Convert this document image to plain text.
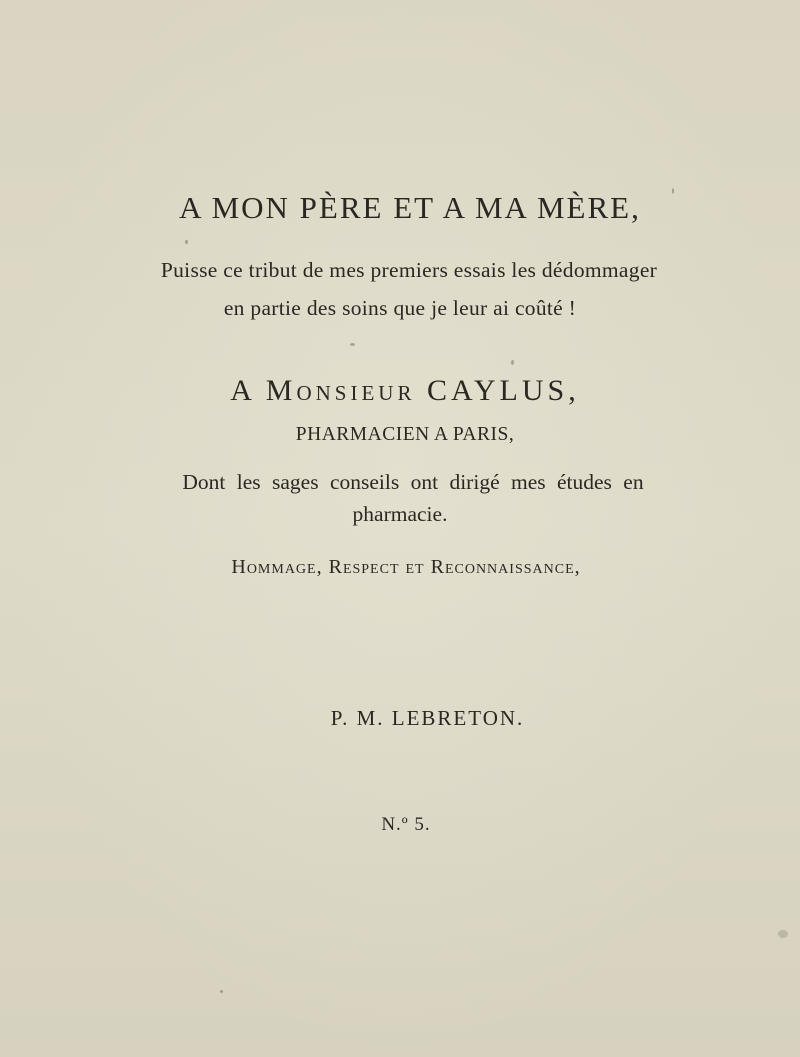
A MON PÈRE ET A MA MÈRE,
Puisse ce tribut de mes premiers essais les dédommager
en partie des soins que je leur ai coûté !
A Monsieur CAYLUS,
PHARMACIEN A PARIS,
Dont les sages conseils ont dirigé mes études en
pharmacie.
Hommage, Respect et Reconnaissance,
P. M. LEBRETON.
N.º 5.
